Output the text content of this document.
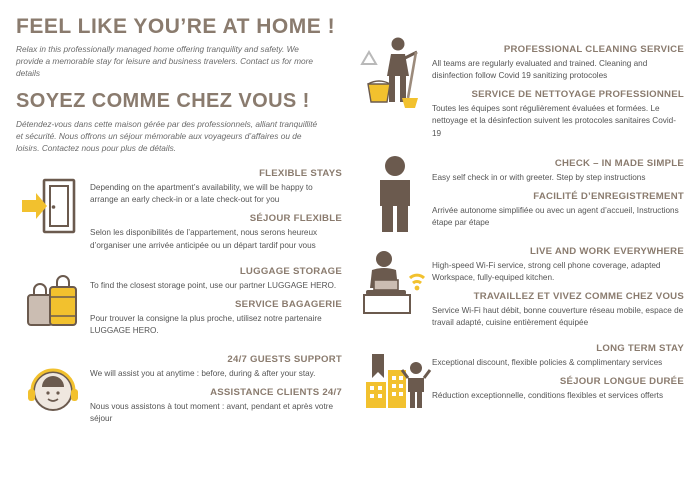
FEEL LIKE YOU’RE AT HOME !
Relax in this professionally managed home offering tranquility and safety. We provide a memorable stay for leisure and business travelers. Contact us for more details
SOYEZ COMME CHEZ VOUS !
Détendez-vous dans cette maison gérée par des professionnels, alliant tranquillité et sécurité. Nous offrons un séjour mémorable aux voyageurs d’affaires ou de loisirs. Contactez nous pour plus de détails.
FLEXIBLE STAYS
Depending on the apartment’s availability, we will be happy to arrange an early check-in or a late check-out for you
SÉJOUR FLEXIBLE
Selon les disponibilités de l’appartement, nous serons heureux d’organiser une arrivée anticipée ou un départ tardif pour vous
LUGGAGE STORAGE
To find the closest storage point, use our partner LUGGAGE HERO.
SERVICE BAGAGERIE
Pour trouver la consigne la plus proche, utilisez notre partenaire LUGGAGE HERO.
24/7 GUESTS SUPPORT
We will assist you at anytime : before, during & after your stay.
ASSISTANCE CLIENTS 24/7
Nous vous assistons à tout moment : avant, pendant et après votre séjour
PROFESSIONAL CLEANING SERVICE
All teams are regularly evaluated and trained. Cleaning and disinfection follow Covid 19 sanitizing protocoles
SERVICE DE NETTOYAGE PROFESSIONNEL
Toutes les équipes sont régulièrement évaluées et formées. Le nettoyage et la désinfection suivent les protocoles sanitaires Covid-19
CHECK – IN MADE SIMPLE
Easy self check in or with greeter. Step by step instructions
FACILITÉ D’ENREGISTREMENT
Arrivée autonome simplifiée ou avec un agent d’accueil, Instructions étape par étape
LIVE AND WORK EVERYWHERE
High-speed Wi-Fi service, strong cell phone coverage, adapted Workspace, fully-equiped kitchen.
TRAVAILLEZ ET VIVEZ COMME CHEZ VOUS
Service Wi-Fi haut débit, bonne couverture réseau mobile, espace de travail adapté, cuisine entièrement équipée
LONG TERM STAY
Exceptional discount, flexible policies & complimentary services
SÉJOUR LONGUE DURÉE
Réduction exceptionnelle, conditions flexibles et services offerts
